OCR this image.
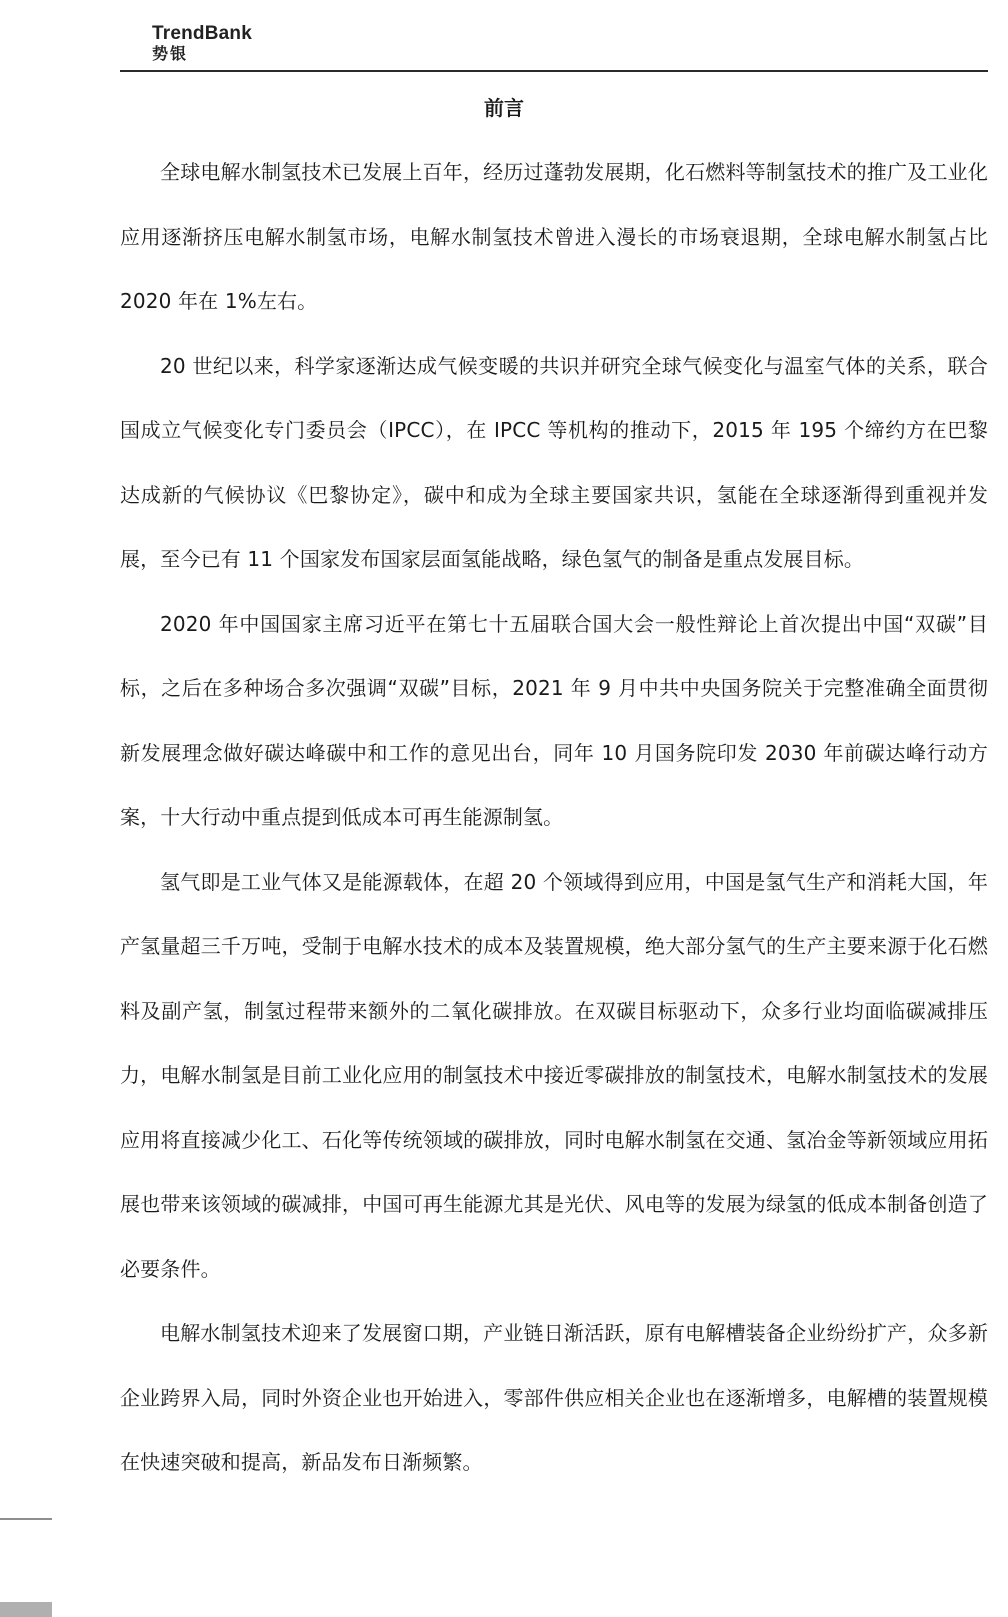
TrendBank
势银
前言

全球电解水制氢技术已发展上百年，经历过蓬勃发展期，化石燃料等制氢技术的推广及工业化应用逐渐挤压电解水制氢市场，电解水制氢技术曾进入漫长的市场衰退期，全球电解水制氢占比 2020 年在 1%左右。

20 世纪以来，科学家逐渐达成气候变暖的共识并研究全球气候变化与温室气体的关系，联合国成立气候变化专门委员会（IPCC），在 IPCC 等机构的推动下，2015 年 195 个缔约方在巴黎达成新的气候协议《巴黎协定》，碳中和成为全球主要国家共识，氢能在全球逐渐得到重视并发展，至今已有 11 个国家发布国家层面氢能战略，绿色氢气的制备是重点发展目标。

2020 年中国国家主席习近平在第七十五届联合国大会一般性辩论上首次提出中国“双碳”目标，之后在多种场合多次强调“双碳”目标，2021 年 9 月中共中央国务院关于完整准确全面贯彻新发展理念做好碳达峰碳中和工作的意见出台，同年 10 月国务院印发 2030 年前碳达峰行动方案，十大行动中重点提到低成本可再生能源制氢。

氢气即是工业气体又是能源载体，在超 20 个领域得到应用，中国是氢气生产和消耗大国，年产氢量超三千万吨，受制于电解水技术的成本及装置规模，绝大部分氢气的生产主要来源于化石燃料及副产氢，制氢过程带来额外的二氧化碳排放。在双碳目标驱动下，众多行业均面临碳减排压力，电解水制氢是目前工业化应用的制氢技术中接近零碳排放的制氢技术，电解水制氢技术的发展应用将直接减少化工、石化等传统领域的碳排放，同时电解水制氢在交通、氢冶金等新领域应用拓展也带来该领域的碳减排，中国可再生能源尤其是光伏、风电等的发展为绿氢的低成本制备创造了必要条件。

电解水制氢技术迎来了发展窗口期，产业链日渐活跃，原有电解槽装备企业纷纷扩产，众多新企业跨界入局，同时外资企业也开始进入，零部件供应相关企业也在逐渐增多，电解槽的装置规模在快速突破和提高，新品发布日渐频繁。
